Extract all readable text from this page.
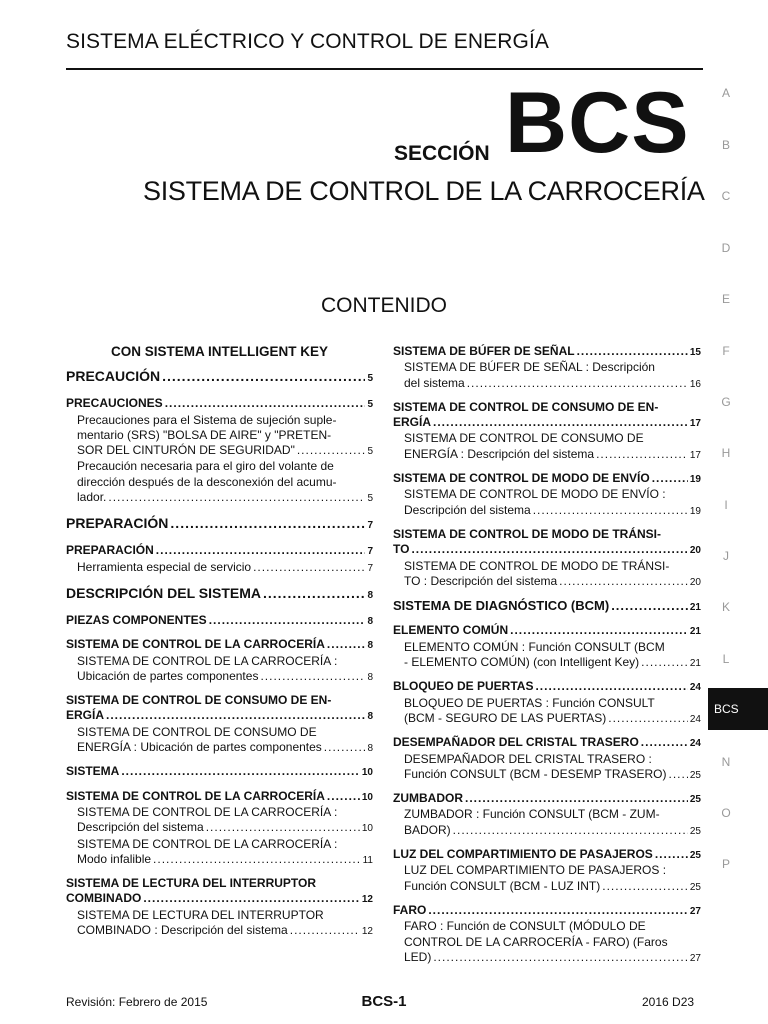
SISTEMA ELÉCTRICO Y CONTROL DE ENERGÍA
SECCIÓN BCS
SISTEMA DE CONTROL DE LA CARROCERÍA
CONTENIDO
A
B
C
D
E
F
G
H
I
J
K
L
BCS
N
O
P
CON SISTEMA INTELLIGENT KEY
PRECAUCIÓN .....	5
PRECAUCIONES .....	5
Precauciones para el Sistema de sujeción suple-
mentario (SRS) "BOLSA DE AIRE" y "PRETEN-
SOR DEL CINTURÓN DE SEGURIDAD" .....	5
Precaución necesaria para el giro del volante de
dirección después de la desconexión del acumu-
lador. .....	5
PREPARACIÓN .....	7
PREPARACIÓN .....	7
Herramienta especial de servicio .....	7
DESCRIPCIÓN DEL SISTEMA .....	8
PIEZAS COMPONENTES .....	8
SISTEMA DE CONTROL DE LA CARROCERÍA .....	8
SISTEMA DE CONTROL DE LA CARROCERÍA :
Ubicación de partes componentes .....	8
SISTEMA DE CONTROL DE CONSUMO DE EN-
ERGÍA .....	8
SISTEMA DE CONTROL DE CONSUMO DE
ENERGÍA : Ubicación de partes componentes .....	8
SISTEMA .....	10
SISTEMA DE CONTROL DE LA CARROCERÍA .....	10
SISTEMA DE CONTROL DE LA CARROCERÍA :
Descripción del sistema .....	10
SISTEMA DE CONTROL DE LA CARROCERÍA :
Modo infalible .....	11
SISTEMA DE LECTURA DEL INTERRUPTOR
COMBINADO .....	12
SISTEMA DE LECTURA DEL INTERRUPTOR
COMBINADO : Descripción del sistema .....	12
SISTEMA DE BÚFER DE SEÑAL .....	15
SISTEMA DE BÚFER DE SEÑAL : Descripción
del sistema .....	16
SISTEMA DE CONTROL DE CONSUMO DE EN-
ERGÍA .....	17
SISTEMA DE CONTROL DE CONSUMO DE
ENERGÍA : Descripción del sistema .....	17
SISTEMA DE CONTROL DE MODO DE ENVÍO .....	19
SISTEMA DE CONTROL DE MODO DE ENVÍO :
Descripción del sistema .....	19
SISTEMA DE CONTROL DE MODO DE TRÁNSI-
TO .....	20
SISTEMA DE CONTROL DE MODO DE TRÁNSI-
TO : Descripción del sistema .....	20
SISTEMA DE DIAGNÓSTICO (BCM) .....	21
ELEMENTO COMÚN .....	21
ELEMENTO COMÚN : Función CONSULT (BCM
- ELEMENTO COMÚN) (con Intelligent Key) .....	21
BLOQUEO DE PUERTAS .....	24
BLOQUEO DE PUERTAS : Función CONSULT
(BCM - SEGURO DE LAS PUERTAS) .....	24
DESEMPAÑADOR DEL CRISTAL TRASERO .....	24
DESEMPAÑADOR DEL CRISTAL TRASERO :
Función CONSULT (BCM - DESEMP TRASERO) ..... 25
ZUMBADOR .....	25
ZUMBADOR : Función CONSULT (BCM - ZUM-
BADOR) .....	25
LUZ DEL COMPARTIMIENTO DE PASAJEROS .....	25
LUZ DEL COMPARTIMIENTO DE PASAJEROS :
Función CONSULT (BCM - LUZ INT) .....	25
FARO .....	27
FARO : Función de CONSULT (MÓDULO DE
CONTROL DE LA CARROCERÍA - FARO) (Faros
LED) .....	27
Revisión: Febrero de 2015	BCS-1	2016 D23
